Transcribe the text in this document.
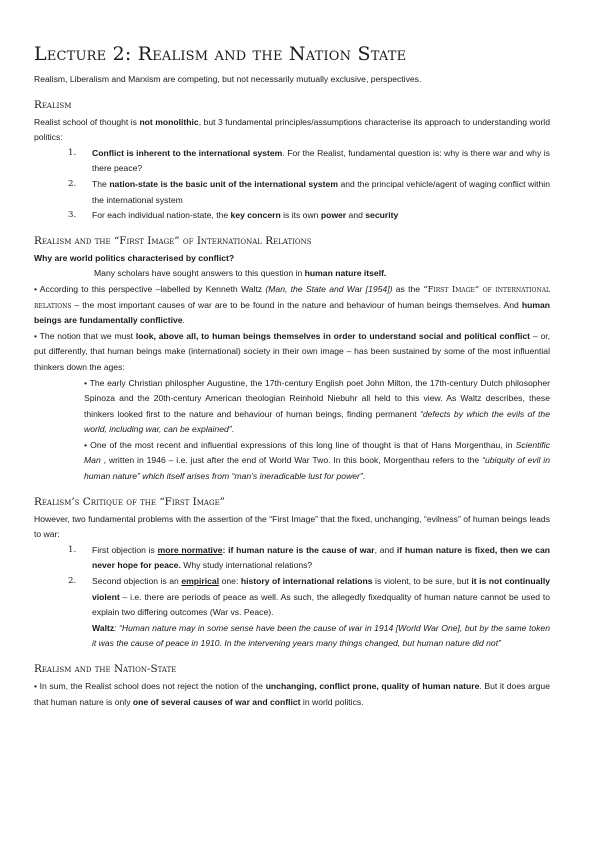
Lecture 2: Realism and the Nation State

Realism, Liberalism and Marxism are competing, but not necessarily mutually exclusive, perspectives.

Realism

Realist school of thought is not monolithic, but 3 fundamental principles/assumptions characterise its approach to understanding world politics:

1. Conflict is inherent to the international system. For the Realist, fundamental question is: why is there war and why is there peace?
2. The nation-state is the basic unit of the international system and the principal vehicle/agent of waging conflict within the international system
3. For each individual nation-state, the key concern is its own power and security
Realism and the “First Image” of International Relations

Why are world politics characterised by conflict?

Many scholars have sought answers to this question in human nature itself.

• According to this perspective –labelled by Kenneth Waltz (Man, the State and War [1954]) as the “First Image” of international relations – the most important causes of war are to be found in the nature and behaviour of human beings themselves. And human beings are fundamentally conflictive.

• The notion that we must look, above all, to human beings themselves in order to understand social and political conflict – or, put differently, that human beings make (international) society in their own image – has been sustained by some of the most influential thinkers down the ages:

• The early Christian philospher Augustine, the 17th-century English poet John Milton, the 17th-century Dutch philosopher Spinoza and the 20th-century American theologian Reinhold Niebuhr all held to this view. As Waltz describes, these thinkers looked first to the nature and behaviour of human beings, finding permanent “defects by which the evils of the world, including war, can be explained”.

• One of the most recent and influential expressions of this long line of thought is that of Hans Morgenthau, in Scientific Man , written in 1946 – i.e. just after the end of World War Two. In this book, Morgenthau refers to the “ubiquity of evil in human nature” which itself arises from “man’s ineradicable lust for power”.

Realism’s Critique of the “First Image”

However, two fundamental problems with the assertion of the “First Image” that the fixed, unchanging, “evilness” of human beings leads to war:

1. First objection is more normative: if human nature is the cause of war, and if human nature is fixed, then we can never hope for peace. Why study international relations?
2. Second objection is an empirical one: history of international relations is violent, to be sure, but it is not continually violent – i.e. there are periods of peace as well. As such, the allegedly fixedquality of human nature cannot be used to explain two differing outcomes (War vs. Peace).
Waltz: “Human nature may in some sense have been the cause of war in 1914 [World War One], but by the same token it was the cause of peace in 1910. In the intervening years many things changed, but human nature did not”
Realism and the Nation-State

• In sum, the Realist school does not reject the notion of the unchanging, conflict prone, quality of human nature. But it does argue that human nature is only one of several causes of war and conflict in world politics.
